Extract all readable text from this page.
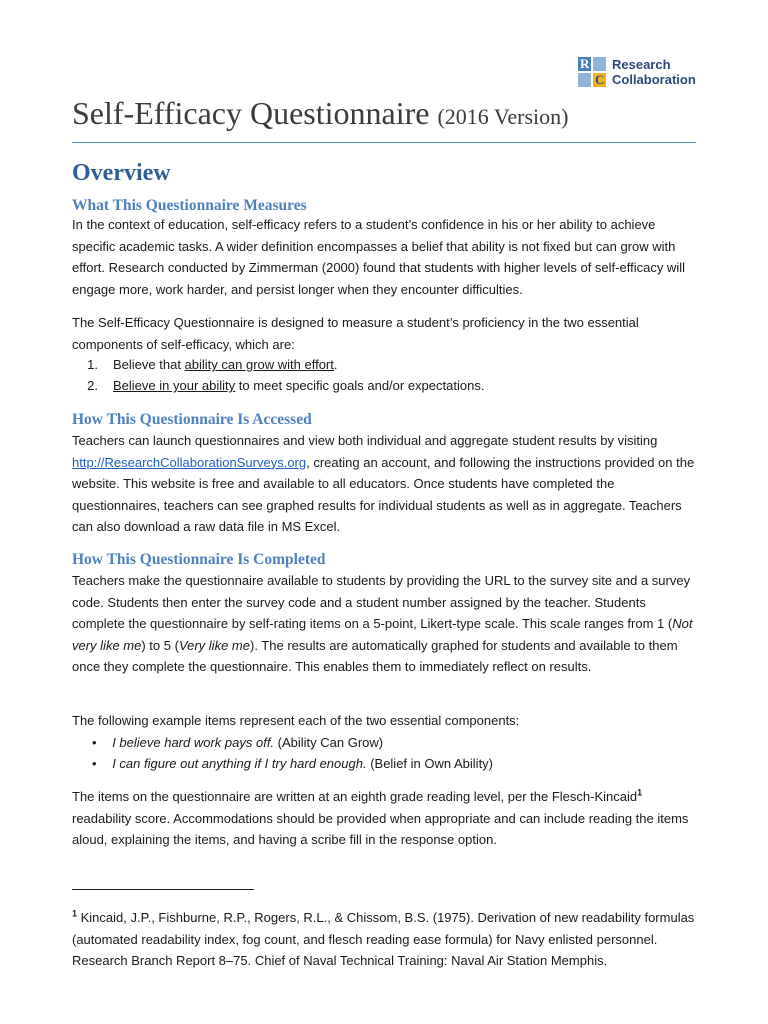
R
C
Research
Collaboration
Self-Efficacy Questionnaire (2016 Version)
Overview
What This Questionnaire Measures

In the context of education, self-efficacy refers to a student’s confidence in his or her ability to achieve specific academic tasks. A wider definition encompasses a belief that ability is not fixed but can grow with effort. Research conducted by Zimmerman (2000) found that students with higher levels of self-efficacy will engage more, work harder, and persist longer when they encounter difficulties.

The Self-Efficacy Questionnaire is designed to measure a student’s proficiency in the two essential components of self-efficacy, which are:

1. Believe that ability can grow with effort.
2. Believe in your ability to meet specific goals and/or expectations.
How This Questionnaire Is Accessed

Teachers can launch questionnaires and view both individual and aggregate student results by visiting http://ResearchCollaborationSurveys.org, creating an account, and following the instructions provided on the website. This website is free and available to all educators. Once students have completed the questionnaires, teachers can see graphed results for individual students as well as in aggregate. Teachers can also download a raw data file in MS Excel.

How This Questionnaire Is Completed

Teachers make the questionnaire available to students by providing the URL to the survey site and a survey code. Students then enter the survey code and a student number assigned by the teacher. Students complete the questionnaire by self-rating items on a 5-point, Likert-type scale. This scale ranges from 1 (Not very like me) to 5 (Very like me). The results are automatically graphed for students and available to them once they complete the questionnaire. This enables them to immediately reflect on results.

The following example items represent each of the two essential components:

• I believe hard work pays off. (Ability Can Grow)
• I can figure out anything if I try hard enough. (Belief in Own Ability)

The items on the questionnaire are written at an eighth grade reading level, per the Flesch-Kincaid$^1$ readability score. Accommodations should be provided when appropriate and can include reading the items aloud, explaining the items, and having a scribe fill in the response option.

$^1$ Kincaid, J.P., Fishburne, R.P., Rogers, R.L., & Chissom, B.S. (1975). Derivation of new readability formulas (automated readability index, fog count, and flesch reading ease formula) for Navy enlisted personnel. Research Branch Report 8–75. Chief of Naval Technical Training: Naval Air Station Memphis.
